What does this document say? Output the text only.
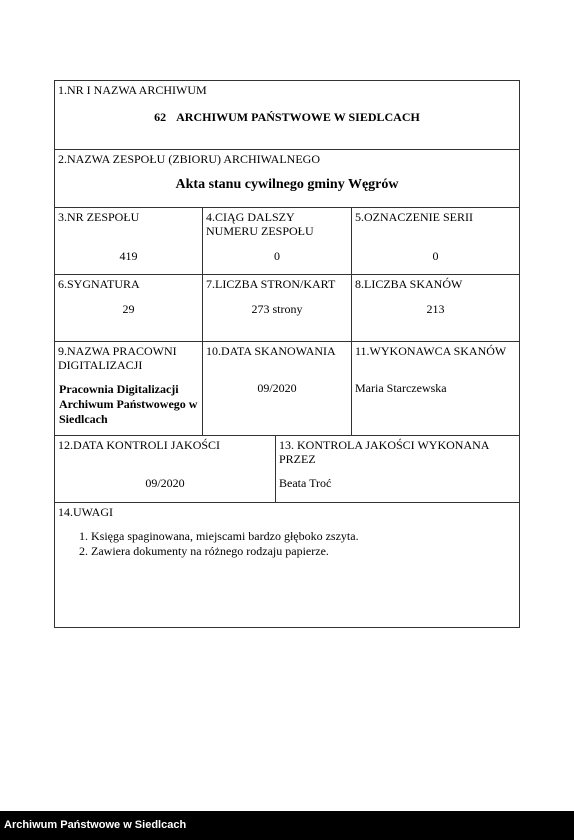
1.NR I NAZWA ARCHIWUM
62 ARCHIWUM PAŃSTWOWE W SIEDLCACH
2.NAZWA ZESPOŁU (ZBIORU) ARCHIWALNEGO
Akta stanu cywilnego gminy Węgrów
3.NR ZESPOŁU
419
4.CIĄG DALSZY NUMERU ZESPOŁU
0
5.OZNACZENIE SERII
0
6.SYGNATURA
29
7.LICZBA STRON/KART
273 strony
8.LICZBA SKANÓW
213
9.NAZWA PRACOWNI DIGITALIZACJI
Pracownia Digitalizacji Archiwum Państwowego w Siedlcach
10.DATA SKANOWANIA
09/2020
11.WYKONAWCA SKANÓW
Maria Starczewska
12.DATA KONTROLI JAKOŚCI
09/2020
13. KONTROLA JAKOŚCI WYKONANA PRZEZ
Beata Troć
14.UWAGI
1. Księga spaginowana, miejscami bardzo głęboko zszyta.
2. Zawiera dokumenty na różnego rodzaju papierze.
Archiwum Państwowe w Siedlcach
